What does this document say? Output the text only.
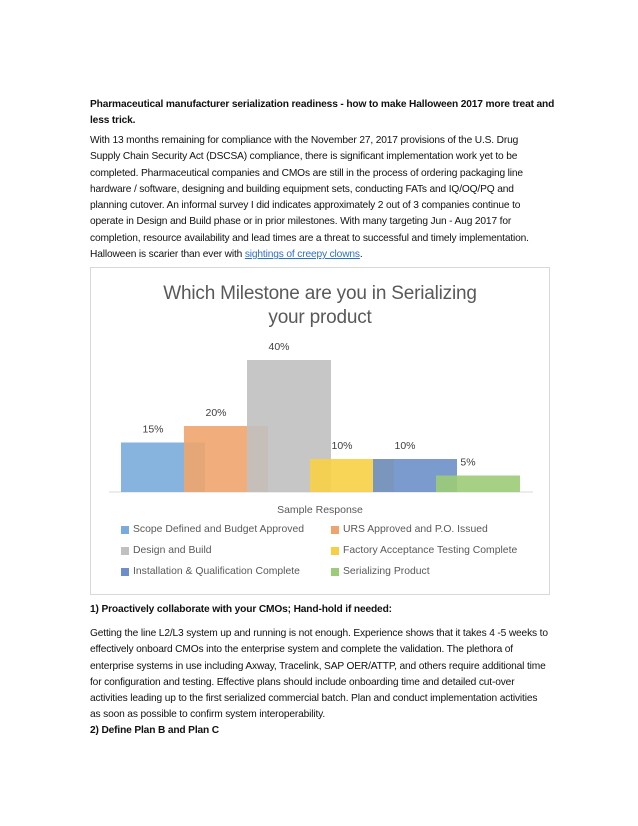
Pharmaceutical manufacturer serialization readiness - how to make Halloween 2017 more treat and less trick.

With 13 months remaining for compliance with the November 27, 2017 provisions of the U.S. Drug
Supply Chain Security Act (DSCSA) compliance, there is significant implementation work yet to be
completed. Pharmaceutical companies and CMOs are still in the process of ordering packaging line
hardware / software, designing and building equipment sets, conducting FATs and IQ/OQ/PQ and
planning cutover. An informal survey I did indicates approximately 2 out of 3 companies continue to
operate in Design and Build phase or in prior milestones. With many targeting Jun - Aug 2017 for
completion, resource availability and lead times are a threat to successful and timely implementation.
Halloween is scarier than ever with sightings of creepy clowns.
Which Milestone are you in Serializing
your product
15%
20%
40%
10%	10%
5%
Sample Response
Scope Defined and Budget Approved	URS Approved and P.O. Issued
Design and Build	Factory Acceptance Testing Complete
Installation & Qualification Complete	Serializing Product

1) Proactively collaborate with your CMOs; Hand-hold if needed:

Getting the line L2/L3 system up and running is not enough. Experience shows that it takes 4 -5 weeks to
effectively onboard CMOs into the enterprise system and complete the validation. The plethora of
enterprise systems in use including Axway, Tracelink, SAP OER/ATTP, and others require additional time
for configuration and testing. Effective plans should include onboarding time and detailed cut-over
activities leading up to the first serialized commercial batch. Plan and conduct implementation activities
as soon as possible to confirm system interoperability.

2) Define Plan B and Plan C
